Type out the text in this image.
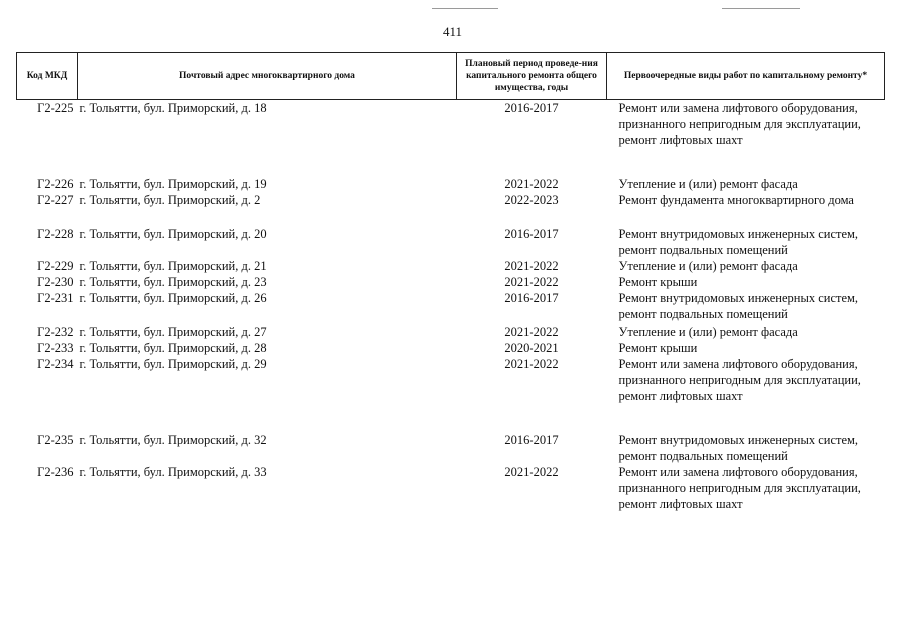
411
Код МКД	Почтовый адрес многоквартирного дома	Плановый период проведе-ния капитального ремонта общего имущества, годы	Первоочередные виды работ по капитальному ремонту*
Г2-225	г. Тольятти, бул. Приморский, д. 18	2016-2017	Ремонт или замена лифтового оборудования,
признанного непригодным для эксплуатации,
ремонт лифтовых шахт

Г2-226	г. Тольятти, бул. Приморский, д. 19	2021-2022	Утепление и (или) ремонт фасада

Г2-227	г. Тольятти, бул. Приморский, д. 2	2022-2023	Ремонт фундамента многоквартирного дома

Г2-228	г. Тольятти, бул. Приморский, д. 20	2016-2017	Ремонт внутридомовых инженерных систем,
ремонт подвальных помещений

Г2-229	г. Тольятти, бул. Приморский, д. 21	2021-2022	Утепление и (или) ремонт фасада

Г2-230	г. Тольятти, бул. Приморский, д. 23	2021-2022	Ремонт крыши

Г2-231	г. Тольятти, бул. Приморский, д. 26	2016-2017	Ремонт внутридомовых инженерных систем,
ремонт подвальных помещений

Г2-232	г. Тольятти, бул. Приморский, д. 27	2021-2022	Утепление и (или) ремонт фасада

Г2-233	г. Тольятти, бул. Приморский, д. 28	2020-2021	Ремонт крыши

Г2-234	г. Тольятти, бул. Приморский, д. 29	2021-2022	Ремонт или замена лифтового оборудования,
признанного непригодным для эксплуатации,
ремонт лифтовых шахт

Г2-235	г. Тольятти, бул. Приморский, д. 32	2016-2017	Ремонт внутридомовых инженерных систем,
ремонт подвальных помещений

Г2-236	г. Тольятти, бул. Приморский, д. 33	2021-2022	Ремонт или замена лифтового оборудования,
признанного непригодным для эксплуатации,
ремонт лифтовых шахт
